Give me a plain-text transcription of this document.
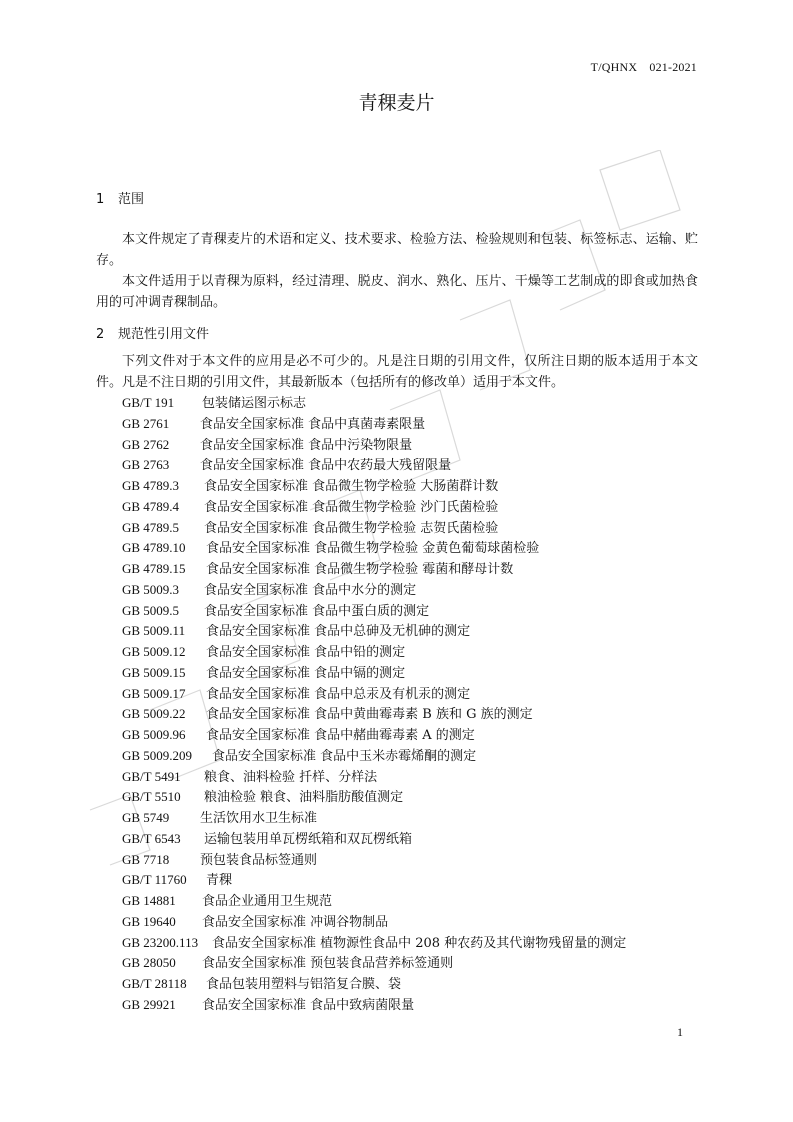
T/QHNX　021-2021
青稞麦片
1 范围

本文件规定了青稞麦片的术语和定义、技术要求、检验方法、检验规则和包装、标签标志、运输、贮存。

本文件适用于以青稞为原料，经过清理、脱皮、润水、熟化、压片、干燥等工艺制成的即食或加热食用的可冲调青稞制品。

2 规范性引用文件

下列文件对于本文件的应用是必不可少的。凡是注日期的引用文件，仅所注日期的版本适用于本文件。凡是不注日期的引用文件，其最新版本（包括所有的修改单）适用于本文件。

GB/T 191 包装储运图示标志
GB 2761 食品安全国家标准 食品中真菌毒素限量
GB 2762 食品安全国家标准 食品中污染物限量
GB 2763 食品安全国家标准 食品中农药最大残留限量
GB 4789.3 食品安全国家标准 食品微生物学检验 大肠菌群计数
GB 4789.4 食品安全国家标准 食品微生物学检验 沙门氏菌检验
GB 4789.5 食品安全国家标准 食品微生物学检验 志贺氏菌检验
GB 4789.10 食品安全国家标准 食品微生物学检验 金黄色葡萄球菌检验
GB 4789.15 食品安全国家标准 食品微生物学检验 霉菌和酵母计数
GB 5009.3 食品安全国家标准 食品中水分的测定
GB 5009.5 食品安全国家标准 食品中蛋白质的测定
GB 5009.11 食品安全国家标准 食品中总砷及无机砷的测定
GB 5009.12 食品安全国家标准 食品中铅的测定
GB 5009.15 食品安全国家标准 食品中镉的测定
GB 5009.17 食品安全国家标准 食品中总汞及有机汞的测定
GB 5009.22 食品安全国家标准 食品中黄曲霉毒素 B 族和 G 族的测定
GB 5009.96 食品安全国家标准 食品中赭曲霉毒素 A 的测定
GB 5009.209 食品安全国家标准 食品中玉米赤霉烯酮的测定
GB/T 5491 粮食、油料检验 扦样、分样法
GB/T 5510 粮油检验 粮食、油料脂肪酸值测定
GB 5749 生活饮用水卫生标准
GB/T 6543 运输包装用单瓦楞纸箱和双瓦楞纸箱
GB 7718 预包装食品标签通则
GB/T 11760 青稞
GB 14881 食品企业通用卫生规范
GB 19640 食品安全国家标准 冲调谷物制品
GB 23200.113 食品安全国家标准 植物源性食品中 208 种农药及其代谢物残留量的测定
GB 28050 食品安全国家标准 预包装食品营养标签通则
GB/T 28118 食品包装用塑料与铝箔复合膜、袋
GB 29921 食品安全国家标准 食品中致病菌限量
1
